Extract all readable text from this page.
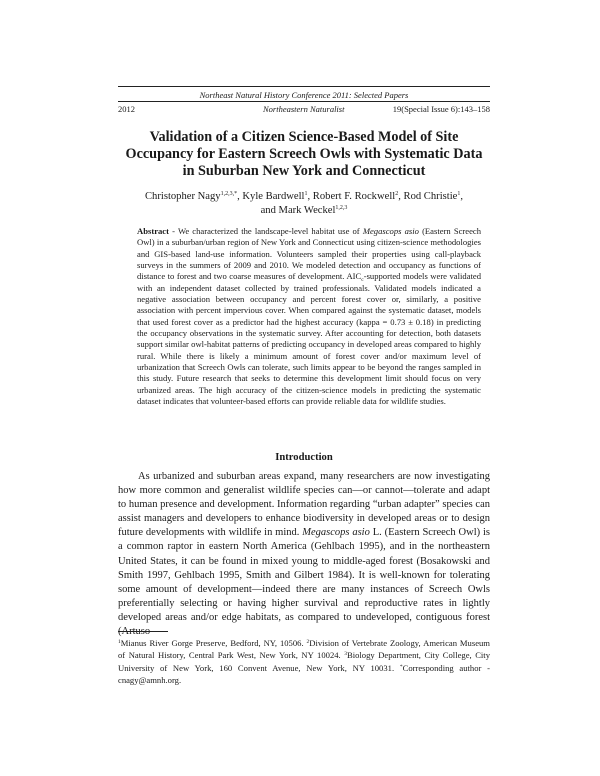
Northeast Natural History Conference 2011: Selected Papers
2012	Northeastern Naturalist	19(Special Issue 6):143–158
Validation of a Citizen Science-Based Model of Site Occupancy for Eastern Screech Owls with Systematic Data in Suburban New York and Connecticut
Christopher Nagy$^{1,2,3,*}$, Kyle Bardwell$^1$, Robert F. Rockwell$^2$, Rod Christie$^1$,
and Mark Weckel$^{1,2,3}$
Abstract - We characterized the landscape-level habitat use of Megascops asio (Eastern Screech Owl) in a suburban/urban region of New York and Connecticut using citizen-science methodologies and GIS-based land-use information. Volunteers sampled their properties using call-playback surveys in the summers of 2009 and 2010. We modeled detection and occupancy as functions of distance to forest and two coarse measures of development. $AIC_c$-supported models were validated with an independent dataset collected by trained professionals. Validated models indicated a negative association between occupancy and percent forest cover or, similarly, a positive association with percent impervious cover. When compared against the systematic dataset, models that used forest cover as a predictor had the highest accuracy (kappa = 0.73 ± 0.18) in predicting the occupancy observations in the systematic survey. After accounting for detection, both datasets support similar owl-habitat patterns of predicting occupancy in developed areas compared to highly rural. While there is likely a minimum amount of forest cover and/or maximum level of urbanization that Screech Owls can tolerate, such limits appear to be beyond the ranges sampled in this study. Future research that seeks to determine this development limit should focus on very urbanized areas. The high accuracy of the citizen-science models in predicting the systematic dataset indicates that volunteer-based efforts can provide reliable data for wildlife studies.
Introduction

As urbanized and suburban areas expand, many researchers are now investigating how more common and generalist wildlife species can—or cannot—tolerate and adapt to human presence and development. Information regarding “urban adapter” species can assist managers and developers to enhance biodiversity in developed areas or to design future developments with wildlife in mind. Megascops asio L. (Eastern Screech Owl) is a common raptor in eastern North America (Gehlbach 1995), and in the northeastern United States, it can be found in mixed young to middle-aged forest (Bosakowski and Smith 1997, Gehlbach 1995, Smith and Gilbert 1984). It is well-known for tolerating some amount of development—indeed there are many instances of Screech Owls preferentially selecting or having higher survival and reproductive rates in lightly developed areas and/or edge habitats, as compared to undeveloped, contiguous forest

$^1$Mianus River Gorge Preserve, Bedford, NY, 10506. $^2$Division of Vertebrate Zoology, American Museum of Natural History, Central Park West, New York, NY 10024. $^3$Biology Department, City College, City University of New York, 160 Convent Avenue, New York, NY 10031. *Corresponding author - cnagy@amnh.org.
